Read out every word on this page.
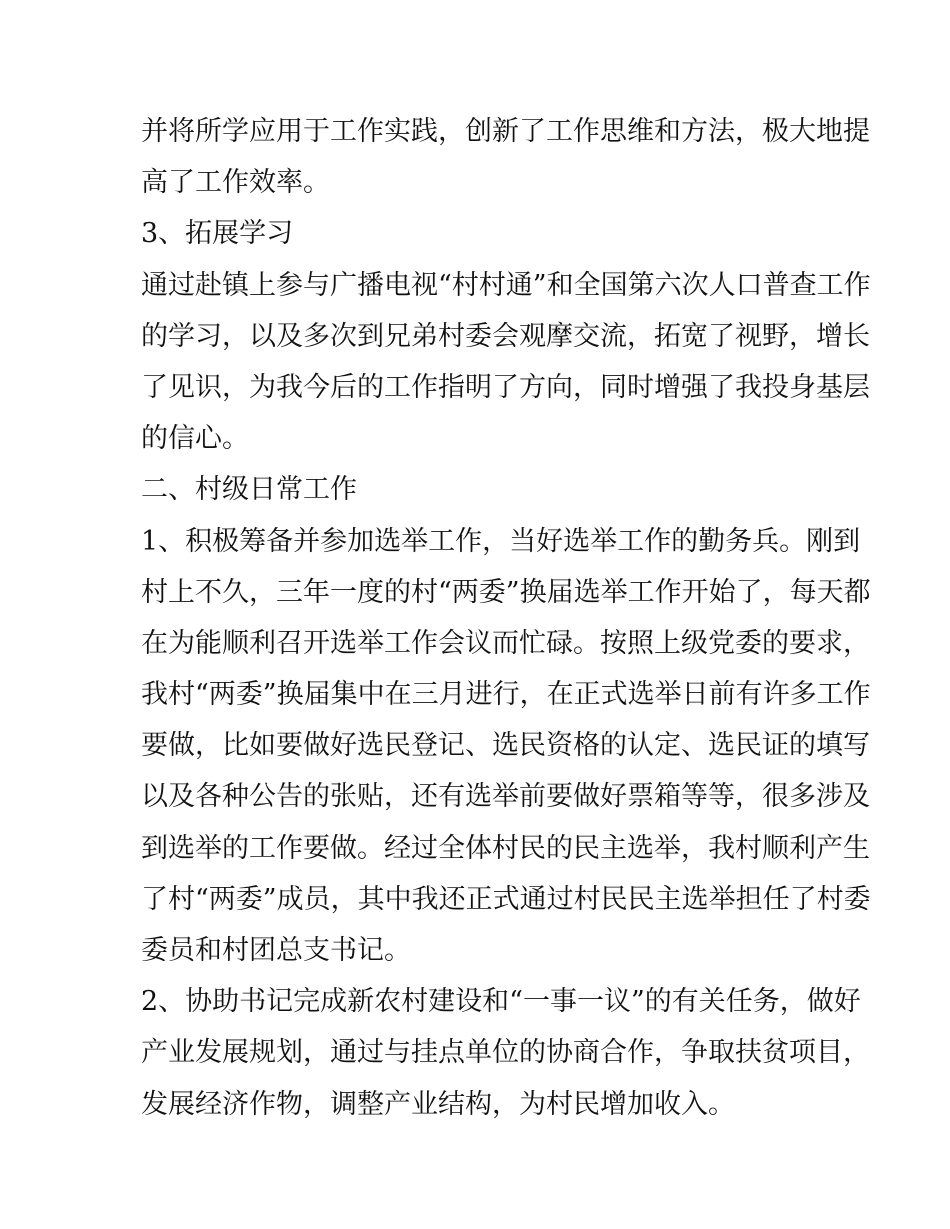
并将所学应用于工作实践，创新了工作思维和方法，极大地提
高了工作效率。
3、拓展学习
通过赴镇上参与广播电视“村村通”和全国第六次人口普查工作
的学习，以及多次到兄弟村委会观摩交流，拓宽了视野，增长
了见识，为我今后的工作指明了方向，同时增强了我投身基层
的信心。
二、村级日常工作
1、积极筹备并参加选举工作，当好选举工作的勤务兵。刚到
村上不久，三年一度的村“两委”换届选举工作开始了，每天都
在为能顺利召开选举工作会议而忙碌。按照上级党委的要求，
我村“两委”换届集中在三月进行，在正式选举日前有许多工作
要做，比如要做好选民登记、选民资格的认定、选民证的填写
以及各种公告的张贴，还有选举前要做好票箱等等，很多涉及
到选举的工作要做。经过全体村民的民主选举，我村顺利产生
了村“两委”成员，其中我还正式通过村民民主选举担任了村委
委员和村团总支书记。
2、协助书记完成新农村建设和“一事一议”的有关任务，做好
产业发展规划，通过与挂点单位的协商合作，争取扶贫项目，
发展经济作物，调整产业结构，为村民增加收入。
